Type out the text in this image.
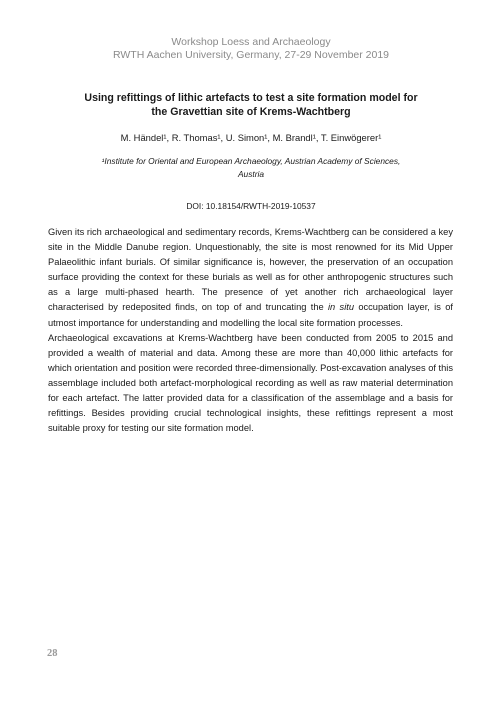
Workshop Loess and Archaeology
RWTH Aachen University, Germany, 27-29 November 2019
Using refittings of lithic artefacts to test a site formation model for
the Gravettian site of Krems-Wachtberg
M. Händel¹, R. Thomas¹, U. Simon¹, M. Brandl¹, T. Einwögerer¹
¹Institute for Oriental and European Archaeology, Austrian Academy of Sciences,
Austria
DOI: 10.18154/RWTH-2019-10537

Given its rich archaeological and sedimentary records, Krems-Wachtberg can be considered a key site in the Middle Danube region. Unquestionably, the site is most renowned for its Mid Upper Palaeolithic infant burials. Of similar significance is, however, the preservation of an occupation surface providing the context for these burials as well as for other anthropogenic structures such as a large multi-phased hearth. The presence of yet another rich archaeological layer characterised by redeposited finds, on top of and truncating the in situ occupation layer, is of utmost importance for understanding and modelling the local site formation processes.

Archaeological excavations at Krems-Wachtberg have been conducted from 2005 to 2015 and provided a wealth of material and data. Among these are more than 40,000 lithic artefacts for which orientation and position were recorded three-dimensionally. Post-excavation analyses of this assemblage included both artefact-morphological recording as well as raw material determination for each artefact. The latter provided data for a classification of the assemblage and a basis for refittings. Besides providing crucial technological insights, these refittings represent a most suitable proxy for testing our site formation model.

28
